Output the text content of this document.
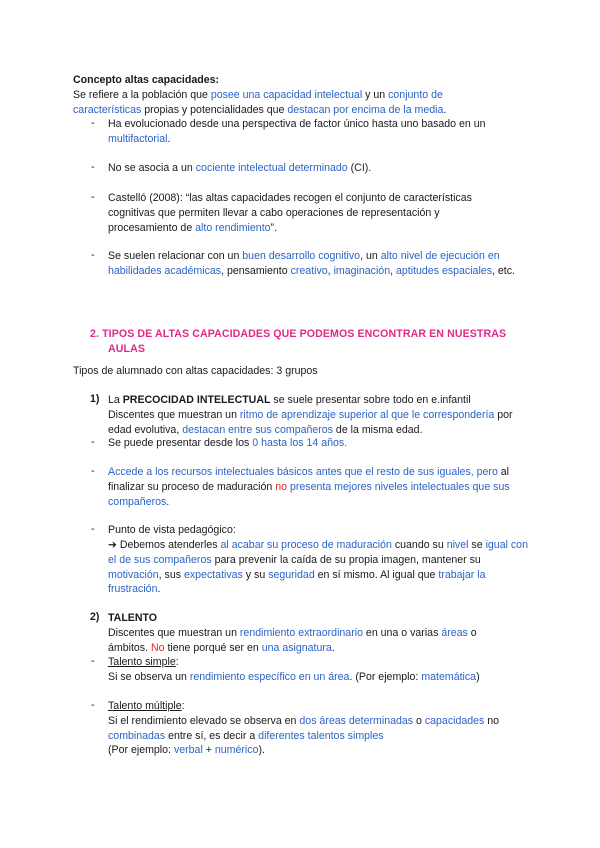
Concepto altas capacidades:
Se refiere a la población que posee una capacidad intelectual y un conjunto de
características propias y potencialidades que destacan por encima de la media.
- Ha evolucionado desde una perspectiva de factor único hasta uno basado en un multifactorial.
- No se asocia a un cociente intelectual determinado (CI).
- Castelló (2008): “las altas capacidades recogen el conjunto de características cognitivas que permiten llevar a cabo operaciones de representación y procesamiento de alto rendimiento”.
- Se suelen relacionar con un buen desarrollo cognitivo, un alto nivel de ejecución en habilidades académicas, pensamiento creativo, imaginación, aptitudes espaciales, etc.
2. TIPOS DE ALTAS CAPACIDADES QUE PODEMOS ENCONTRAR EN NUESTRAS
AULAS
Tipos de alumnado con altas capacidades: 3 grupos
1) La PRECOCIDAD INTELECTUAL se suele presentar sobre todo en e.infantil Discentes que muestran un ritmo de aprendizaje superior al que le correspondería por edad evolutiva, destacan entre sus compañeros de la misma edad.
- Se puede presentar desde los 0 hasta los 14 años.
- Accede a los recursos intelectuales básicos antes que el resto de sus iguales, pero al finalizar su proceso de maduración no presenta mejores niveles intelectuales que sus compañeros.
- Punto de vista pedagógico:
➔ Debemos atenderles al acabar su proceso de maduración cuando su nivel se igual con el de sus compañeros para prevenir la caída de su propia imagen, mantener su motivación, sus expectativas y su seguridad en sí mismo. Al igual que trabajar la frustración.
2) TALENTO
Discentes que muestran un rendimiento extraordinario en una o varias áreas o ámbitos. No tiene porqué ser en una asignatura.
- Talento simple:
Si se observa un rendimiento específico en un área. (Por ejemplo: matemática)
- Talento múltiple:
Si el rendimiento elevado se observa en dos áreas determinadas o capacidades no combinadas entre sí, es decir a diferentes talentos simples
(Por ejemplo: verbal + numérico).
